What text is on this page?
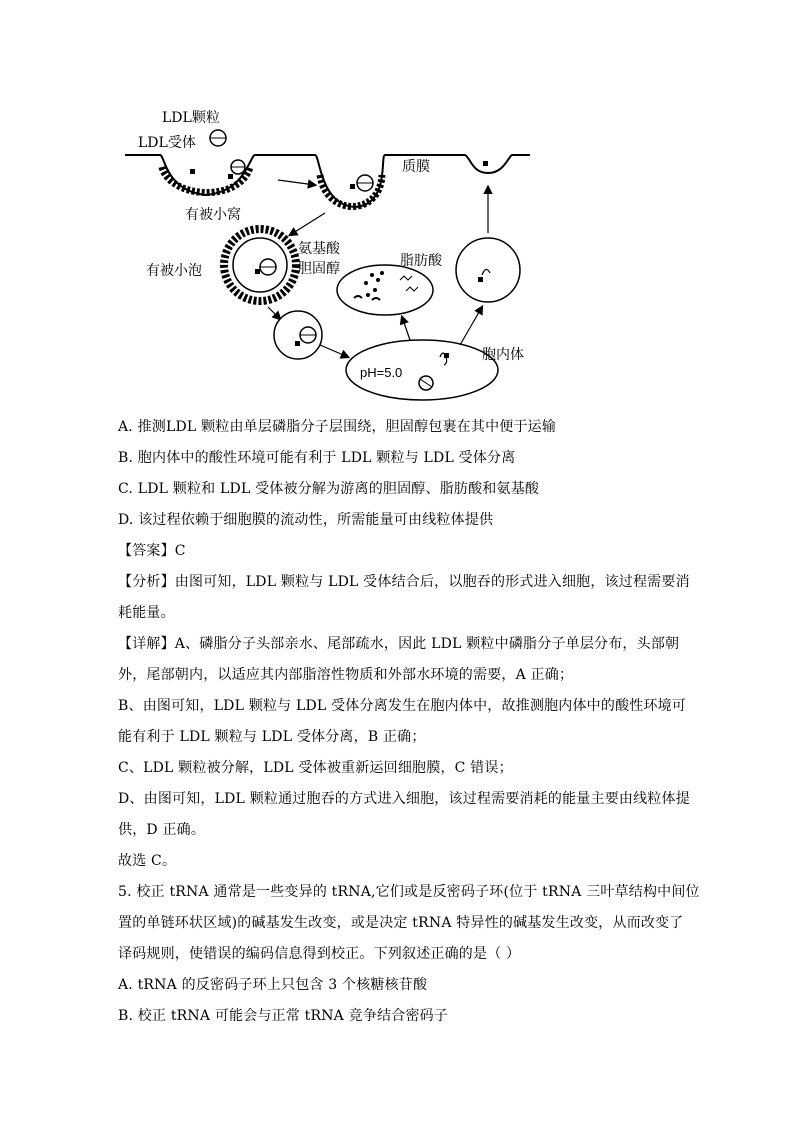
LDL颗粒
LDL受体
质膜
有被小窝
有被小泡
氨基酸
胆固醇	脂肪酸
胞内体
pH=5.0
A. 推测LDL 颗粒由单层磷脂分子层围绕，胆固醇包裹在其中便于运输
B. 胞内体中的酸性环境可能有利于 LDL 颗粒与 LDL 受体分离
C. LDL 颗粒和 LDL 受体被分解为游离的胆固醇、脂肪酸和氨基酸
D. 该过程依赖于细胞膜的流动性，所需能量可由线粒体提供
【答案】C
【分析】由图可知，LDL 颗粒与 LDL 受体结合后，以胞吞的形式进入细胞，该过程需要消
耗能量。
【详解】A、磷脂分子头部亲水、尾部疏水，因此 LDL 颗粒中磷脂分子单层分布，头部朝
外，尾部朝内，以适应其内部脂溶性物质和外部水环境的需要，A 正确；
B、由图可知，LDL 颗粒与 LDL 受体分离发生在胞内体中，故推测胞内体中的酸性环境可
能有利于 LDL 颗粒与 LDL 受体分离，B 正确；
C、LDL 颗粒被分解，LDL 受体被重新运回细胞膜，C 错误；
D、由图可知，LDL 颗粒通过胞吞的方式进入细胞，该过程需要消耗的能量主要由线粒体提
供，D 正确。
故选 C。
5. 校正 tRNA 通常是一些变异的 tRNA,它们或是反密码子环(位于 tRNA 三叶草结构中间位
置的单链环状区域)的碱基发生改变，或是决定 tRNA 特异性的碱基发生改变，从而改变了
译码规则，使错误的编码信息得到校正。下列叙述正确的是（ ）
A. tRNA 的反密码子环上只包含 3 个核糖核苷酸
B. 校正 tRNA 可能会与正常 tRNA 竞争结合密码子
